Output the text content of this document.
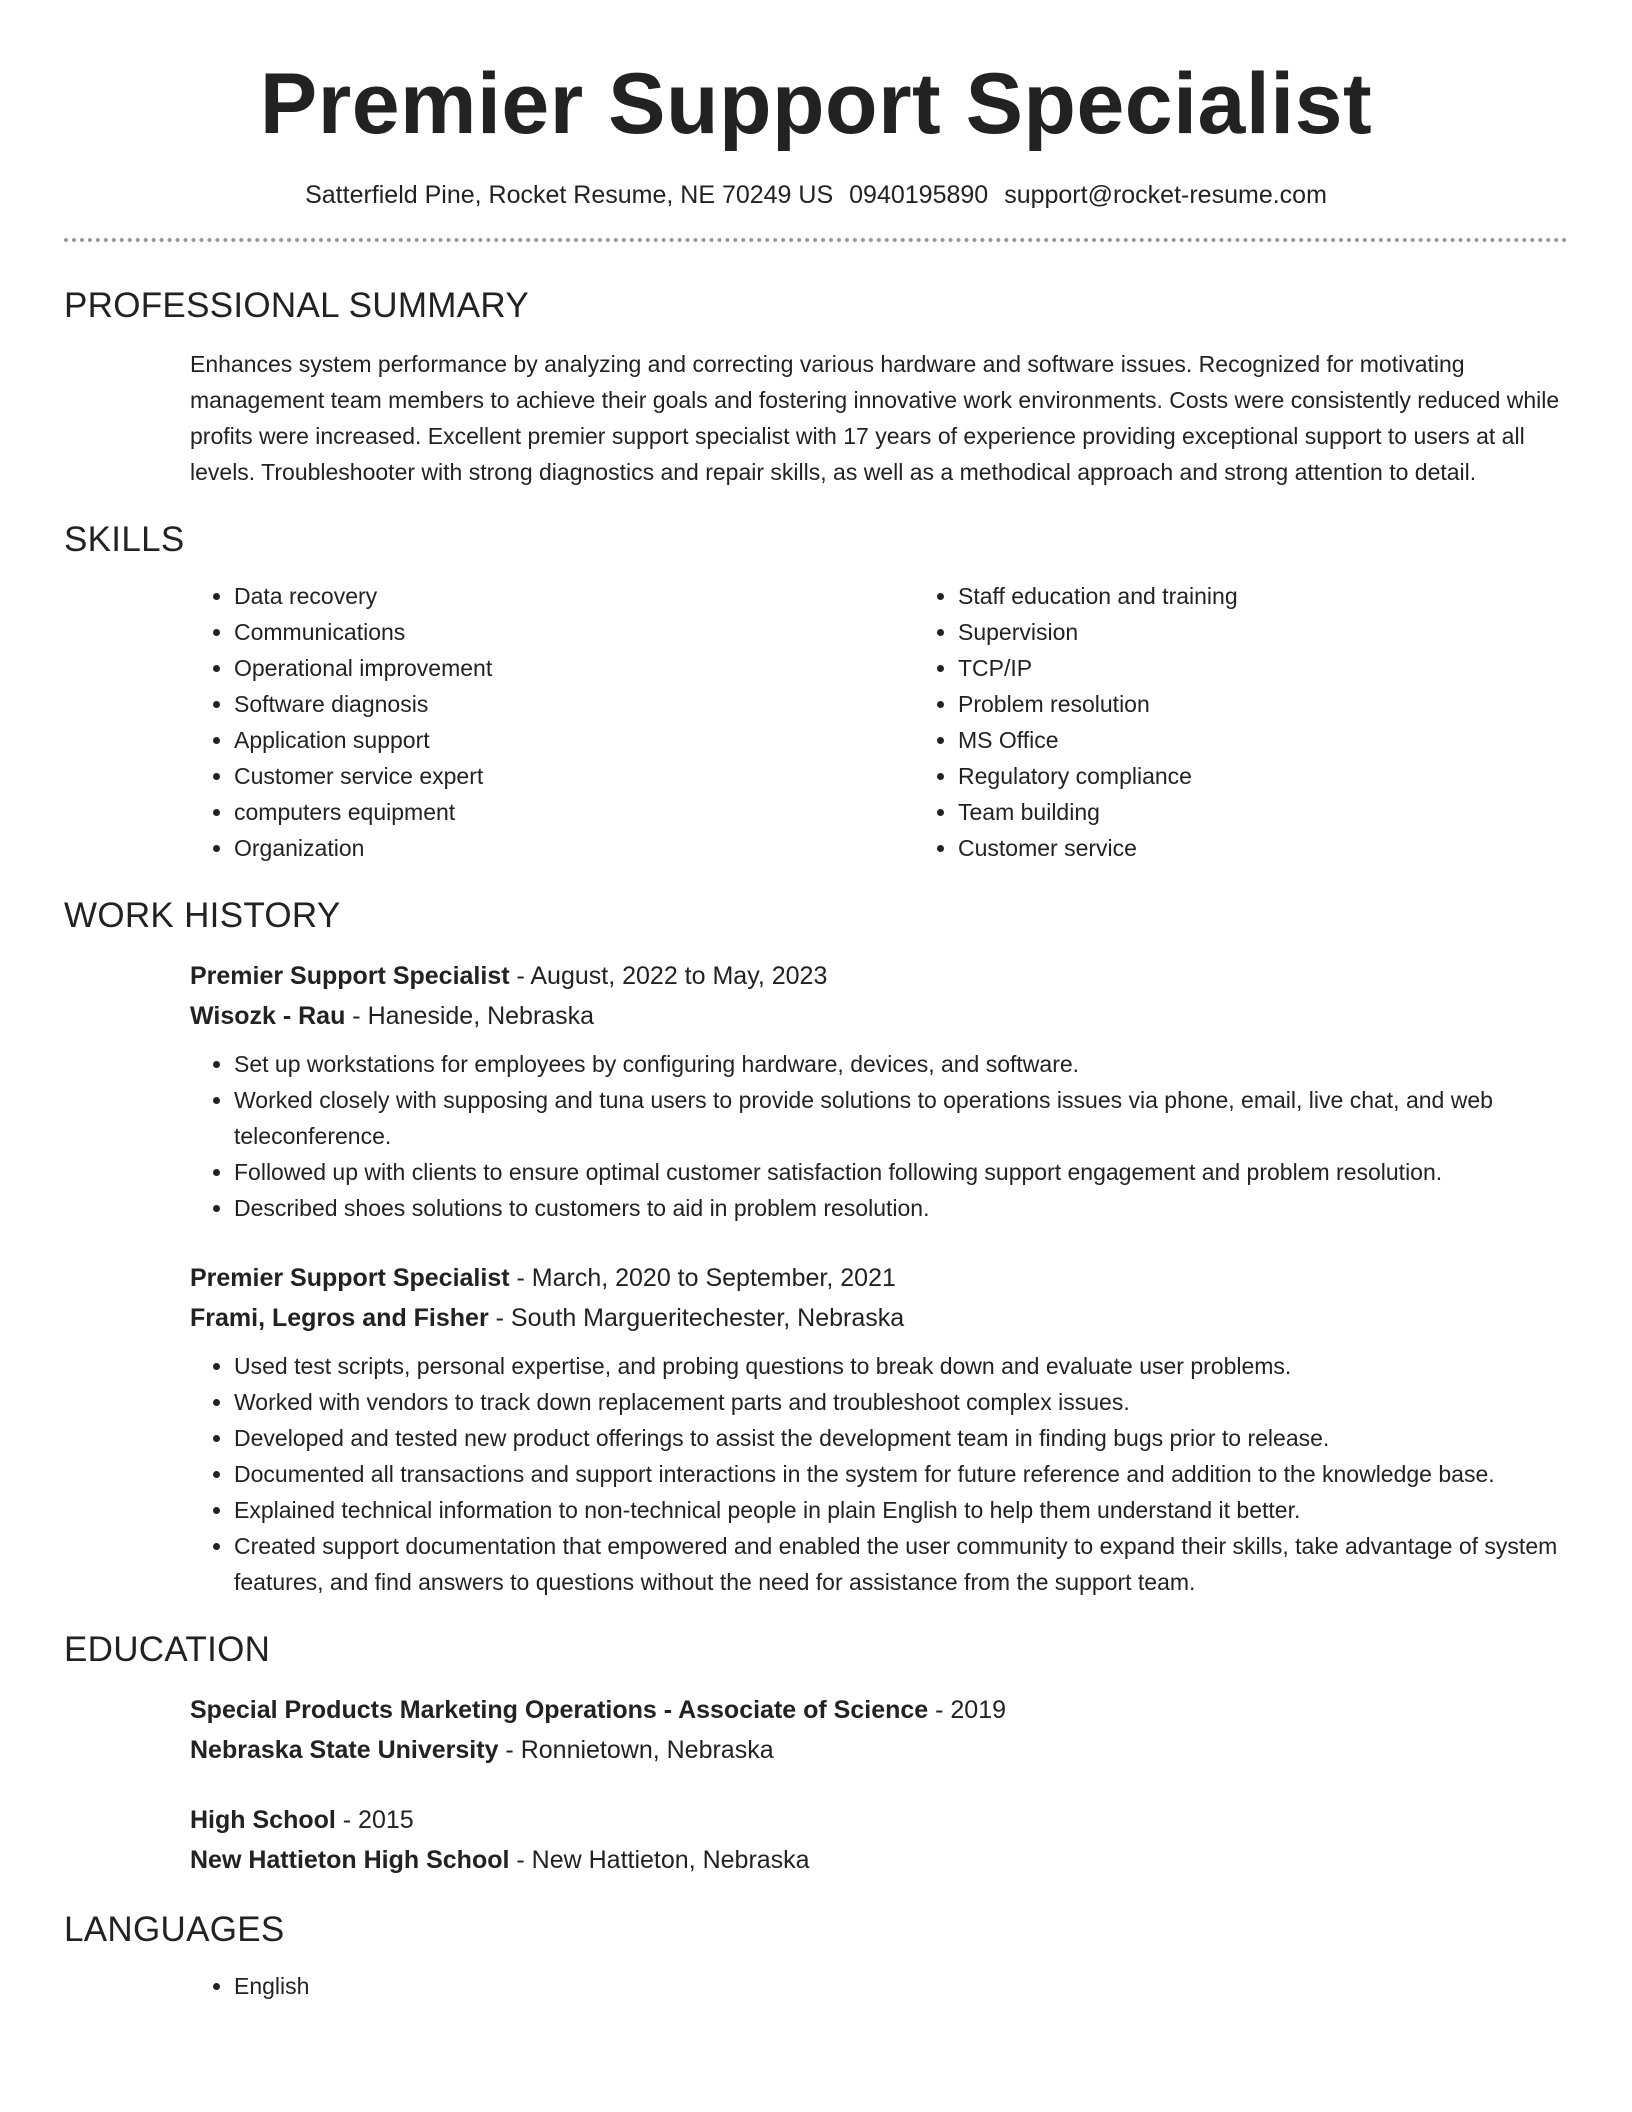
Premier Support Specialist
Satterfield Pine, Rocket Resume, NE 70249 US 0940195890 support@rocket-resume.com
PROFESSIONAL SUMMARY

Enhances system performance by analyzing and correcting various hardware and software issues. Recognized for motivating management team members to achieve their goals and fostering innovative work environments. Costs were consistently reduced while profits were increased. Excellent premier support specialist with 17 years of experience providing exceptional support to users at all levels. Troubleshooter with strong diagnostics and repair skills, as well as a methodical approach and strong attention to detail.

SKILLS
• Data recovery
• Communications
• Operational improvement
• Software diagnosis
• Application support
• Customer service expert
• computers equipment
• Organization
• Staff education and training
• Supervision
• TCP/IP
• Problem resolution
• MS Office
• Regulatory compliance
• Team building
• Customer service
WORK HISTORY
Premier Support Specialist - August, 2022 to May, 2023
Wisozk - Rau - Haneside, Nebraska
• Set up workstations for employees by configuring hardware, devices, and software.
• Worked closely with supposing and tuna users to provide solutions to operations issues via phone, email, live chat, and web teleconference.
• Followed up with clients to ensure optimal customer satisfaction following support engagement and problem resolution.
• Described shoes solutions to customers to aid in problem resolution.
Premier Support Specialist - March, 2020 to September, 2021
Frami, Legros and Fisher - South Margueritechester, Nebraska
• Used test scripts, personal expertise, and probing questions to break down and evaluate user problems.
• Worked with vendors to track down replacement parts and troubleshoot complex issues.
• Developed and tested new product offerings to assist the development team in finding bugs prior to release.
• Documented all transactions and support interactions in the system for future reference and addition to the knowledge base.
• Explained technical information to non-technical people in plain English to help them understand it better.
• Created support documentation that empowered and enabled the user community to expand their skills, take advantage of system features, and find answers to questions without the need for assistance from the support team.
EDUCATION
Special Products Marketing Operations - Associate of Science - 2019
Nebraska State University - Ronnietown, Nebraska
High School - 2015
New Hattieton High School - New Hattieton, Nebraska
LANGUAGES
• English
